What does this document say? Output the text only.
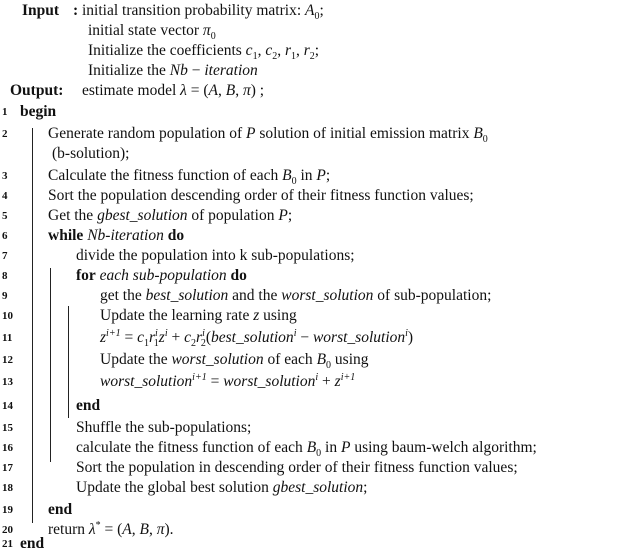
Input : initial transition probability matrix: $A_0$;
initial state vector $\pi_0$
Initialize the coefficients $c_1$, $c_2$, $r_1$, $r_2$;
Initialize the Nb − iteration
Output: estimate model λ = (A, B, π) ;
1 begin
2	Generate random population of P solution of initial emission matrix $B_0$
(b-solution);
3	Calculate the fitness function of each $B_0$ in P;
4	Sort the population descending order of their fitness function values;
5	Get the gbest_solution of population P;
6	while Nb-iteration do
7	divide the population into k sub-populations;
8	for each sub-population do
9	get the best_solution and the worst_solution of sub-population;
10	Update the learning rate z using
11	$z^{i+1} = c_1r^i_1z^i$ + $c_2r^i_2(best\_solution^i$ − worst_solution$^i$)
12	Update the worst_solution of each $B_0$ using
13	worst_solution$^{i+1}$ = worst_solution$^i$ + $z^{i+1}$
14	end
15	Shuffle the sub-populations;
16	calculate the fitness function of each $B_0$ in P using baum-welch algorithm;
17	Sort the population in descending order of their fitness function values;
18	Update the global best solution gbest_solution;
19	end
20	return λ* = (A, B, π).
21 end
